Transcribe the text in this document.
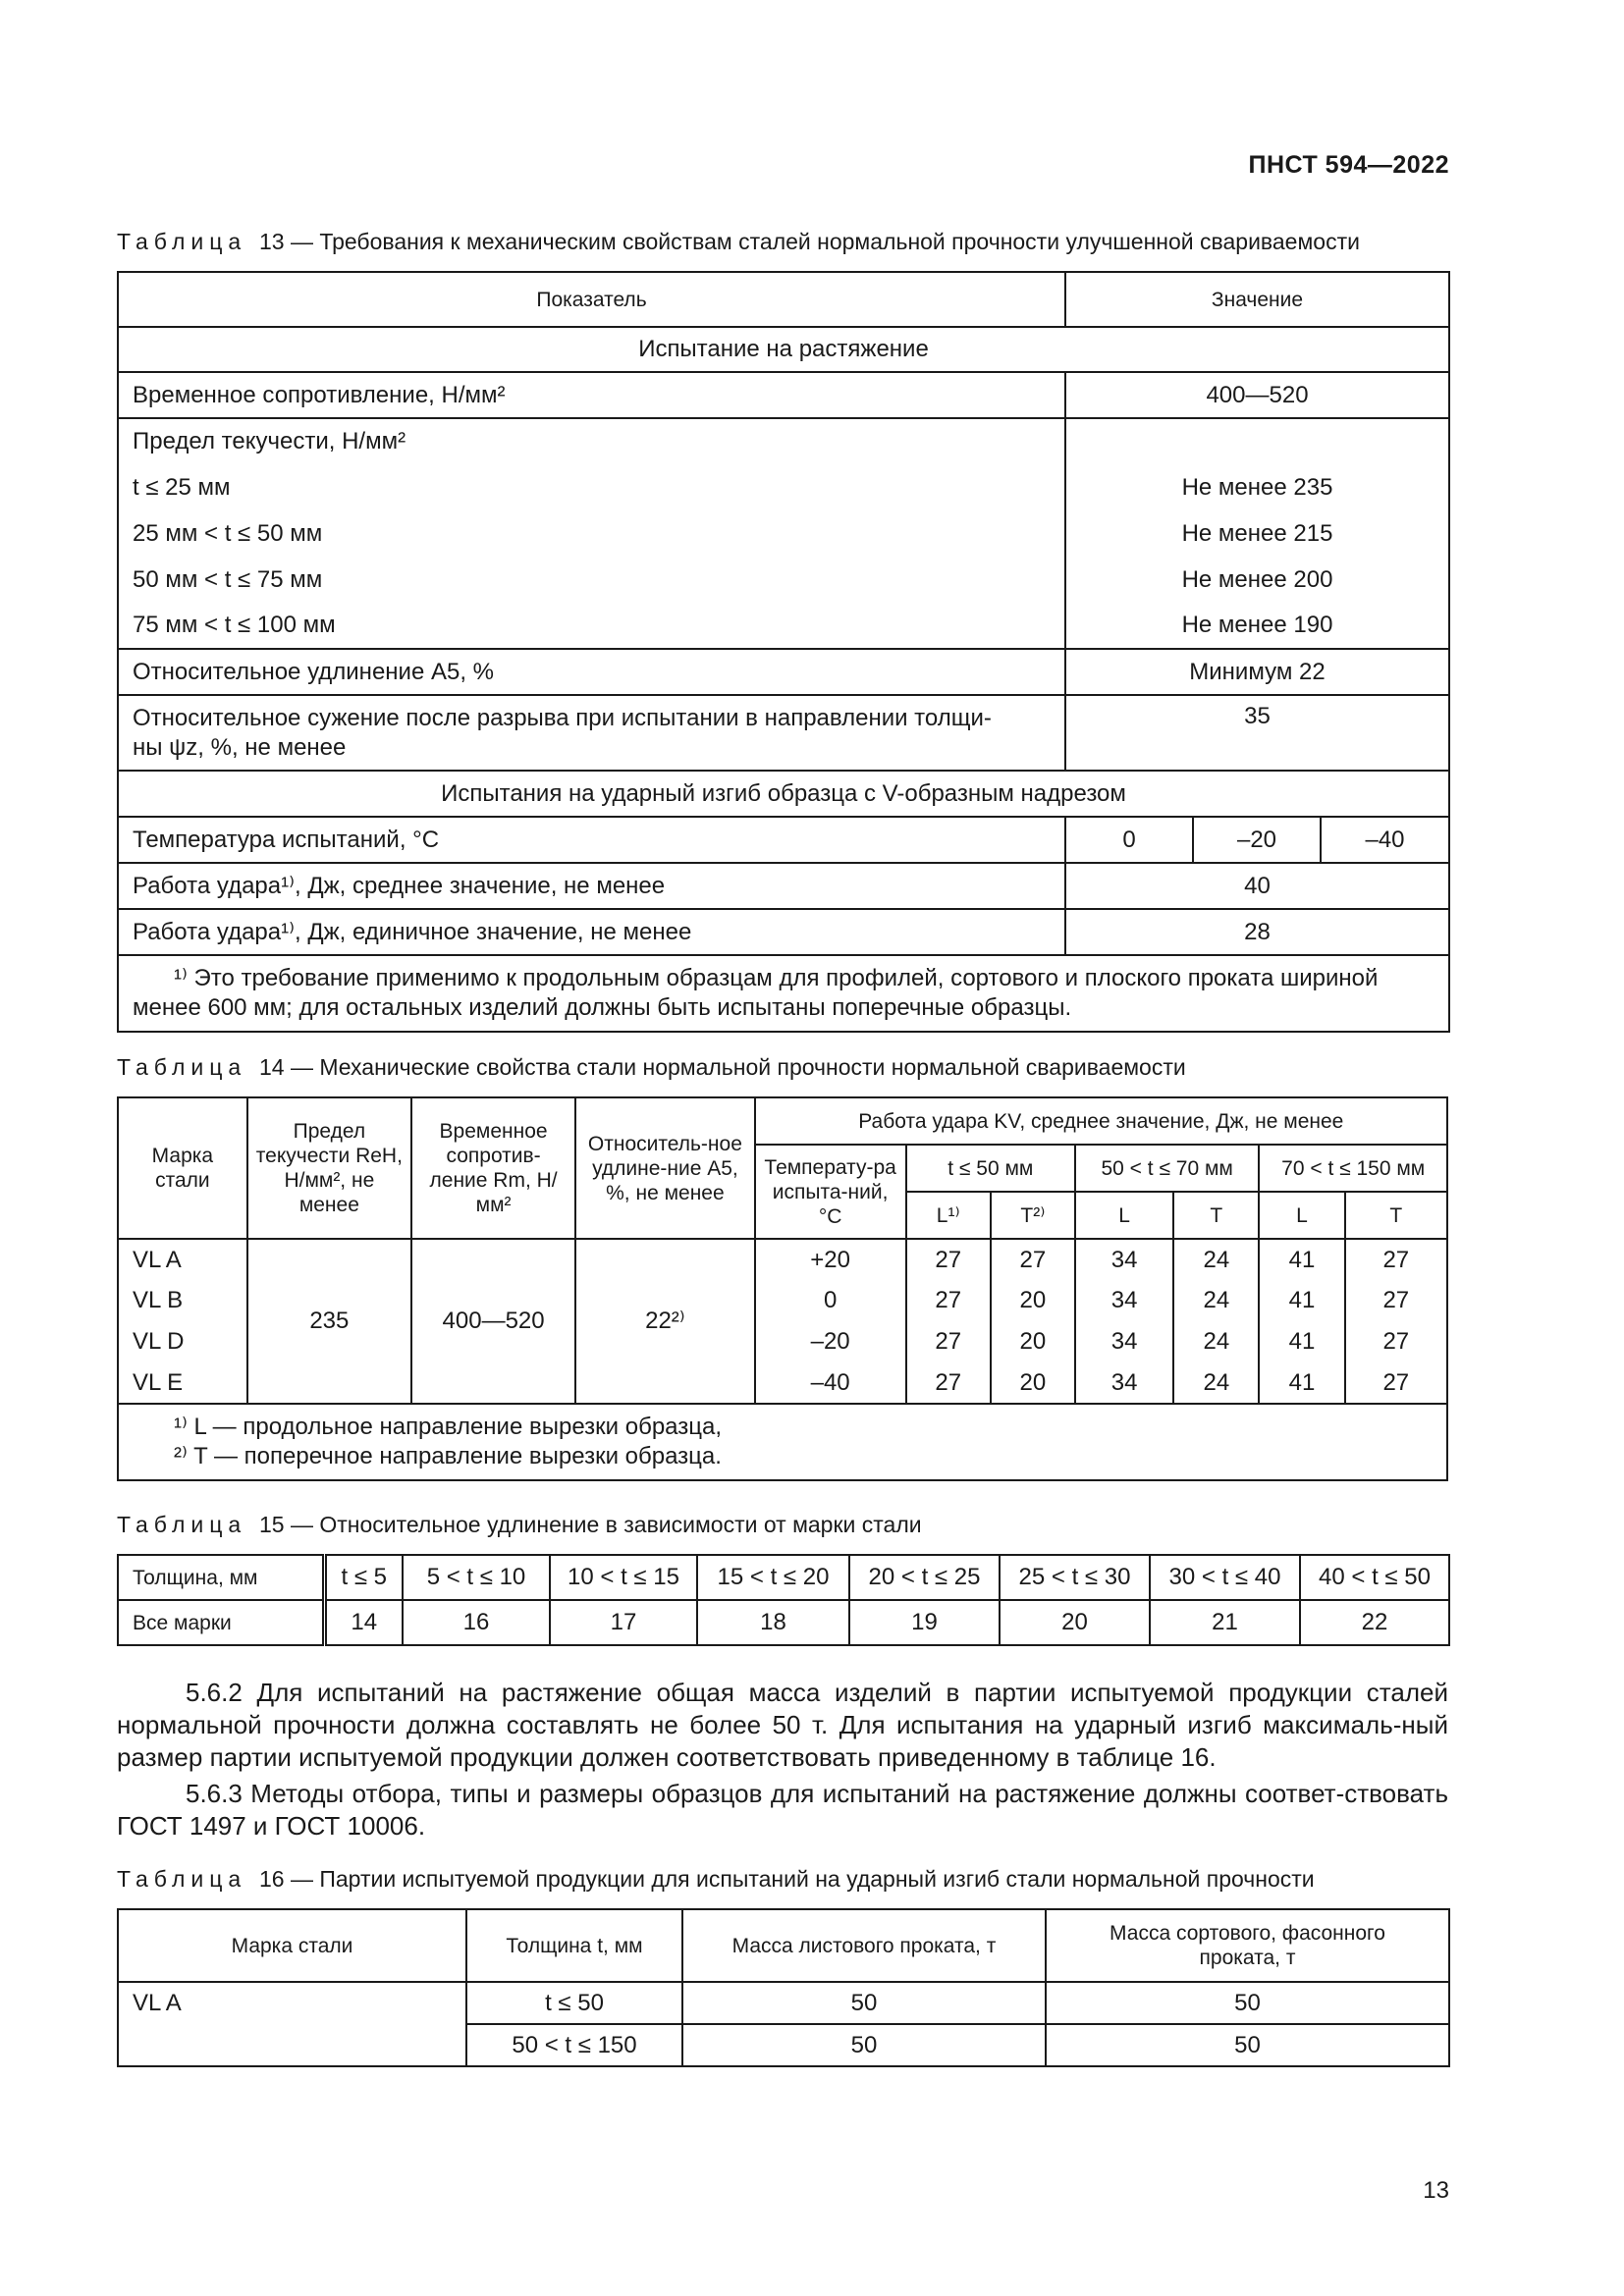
ПНСТ 594—2022
Таблица 13 — Требования к механическим свойствам сталей нормальной прочности улучшенной свариваемости
Показатель	Значение		
Испытание на растяжение			
Временное сопротивление, Н/мм²	400—520		
Предел текучести, Н/мм²			
t ≤ 25 мм	Не менее 235		
25 мм < t ≤ 50 мм	Не менее 215		
50 мм < t ≤ 75 мм	Не менее 200		
75 мм < t ≤ 100 мм	Не менее 190		
Относительное удлинение A5, %	Минимум 22		

Относительное сужение после разрыва при испытании в направлении толщи-
ны ψz, %, не менее	35		
Испытания на ударный изгиб образца с V-образным надрезом			
Температура испытаний, °С	0	–20	–40
Работа удара¹⁾, Дж, среднее значение, не менее	40		
Работа удара¹⁾, Дж, единичное значение, не менее	28		
¹⁾ Это требование применимо к продольным образцам для профилей, сортового и плоского проката шириной менее 600 мм; для остальных изделий должны быть испытаны поперечные образцы.			
Таблица 14 — Механические свойства стали нормальной прочности нормальной свариваемости
Марка стали	Предел текучести ReH, Н/мм², не менее	Временное сопротив-ление Rm, Н/мм²	Относитель-ное удлине-ние A5, %, не менее	Работа удара KV, среднее значение, Дж, не менее						
				Температу-ра испыта-ний, °С	t ≤ 50 мм		50 < t ≤ 70 мм		70 < t ≤ 150 мм	
					L¹⁾	T²⁾	L	T	L	T
VL A	235	400—520	22²⁾	+20	27	27	34	24	41	27
VL B				0	27	20	34	24	41	27
VL D				–20	27	20	34	24	41	27
VL E				–40	27	20	34	24	41	27

¹⁾ L — продольное направление вырезки образца,
²⁾ T — поперечное направление вырезки образца.										
Таблица 15 — Относительное удлинение в зависимости от марки стали
Толщина, мм	t ≤ 5	5 < t ≤ 10	10 < t ≤ 15	15 < t ≤ 20	20 < t ≤ 25	25 < t ≤ 30	30 < t ≤ 40	40 < t ≤ 50
Все марки	14	16	17	18	19	20	21	22
5.6.2 Для испытаний на растяжение общая масса изделий в партии испытуемой продукции сталей нормальной прочности должна составлять не более 50 т. Для испытания на ударный изгиб максималь-ный размер партии испытуемой продукции должен соответствовать приведенному в таблице 16.
5.6.3 Методы отбора, типы и размеры образцов для испытаний на растяжение должны соответ-ствовать ГОСТ 1497 и ГОСТ 10006.
Таблица 16 — Партии испытуемой продукции для испытаний на ударный изгиб стали нормальной прочности
Марка стали	Толщина t, мм	Масса листового проката, т	Масса сортового, фасонного проката, т
VL A	t ≤ 50	50	50
	50 < t ≤ 150	50	50
13
